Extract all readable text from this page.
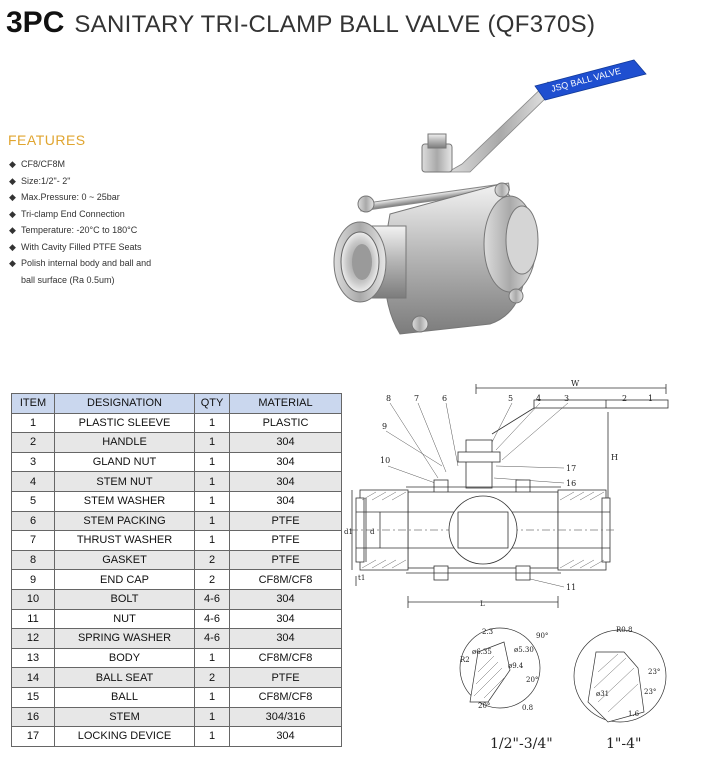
3PC SANITARY TRI-CLAMP BALL VALVE (QF370S)
FEATURES
◆ CF8/CF8M
◆ Size:1/2"- 2"
◆ Max.Pressure: 0 ~ 25bar
◆ Tri-clamp End Connection
◆ Temperature: -20°C to 180°C
◆ With Cavity Filled PTFE Seats
◆ Polish internal body and ball and
ball surface (Ra 0.5um)
JSQ BALL VALVE
ITEM	DESIGNATION	QTY	MATERIAL
1	PLASTIC SLEEVE	1	PLASTIC
2	HANDLE	1	304
3	GLAND NUT	1	304
4	STEM NUT	1	304
5	STEM WASHER	1	304
6	STEM PACKING	1	PTFE
7	THRUST WASHER	1	PTFE
8	GASKET	2	PTFE
9	END CAP	2	CF8M/CF8
10	BOLT	4-6	304
11	NUT	4-6	304
12	SPRING WASHER	4-6	304
13	BODY	1	CF8M/CF8
14	BALL SEAT	2	PTFE
15	BALL	1	CF8M/CF8
16	STEM	1	304/316
17	LOCKING DEVICE	1	304
W
H
8	7	6	5	4	3	2	1
9
10
17
16
11
d1 d
t1
L
2.3	90°
R2
ø6.35	ø5.30
ø9.4
20°
20°
0.8
R0.8
23°
23°
ø31
1.6
1/2"-3/4"	1"-4"
